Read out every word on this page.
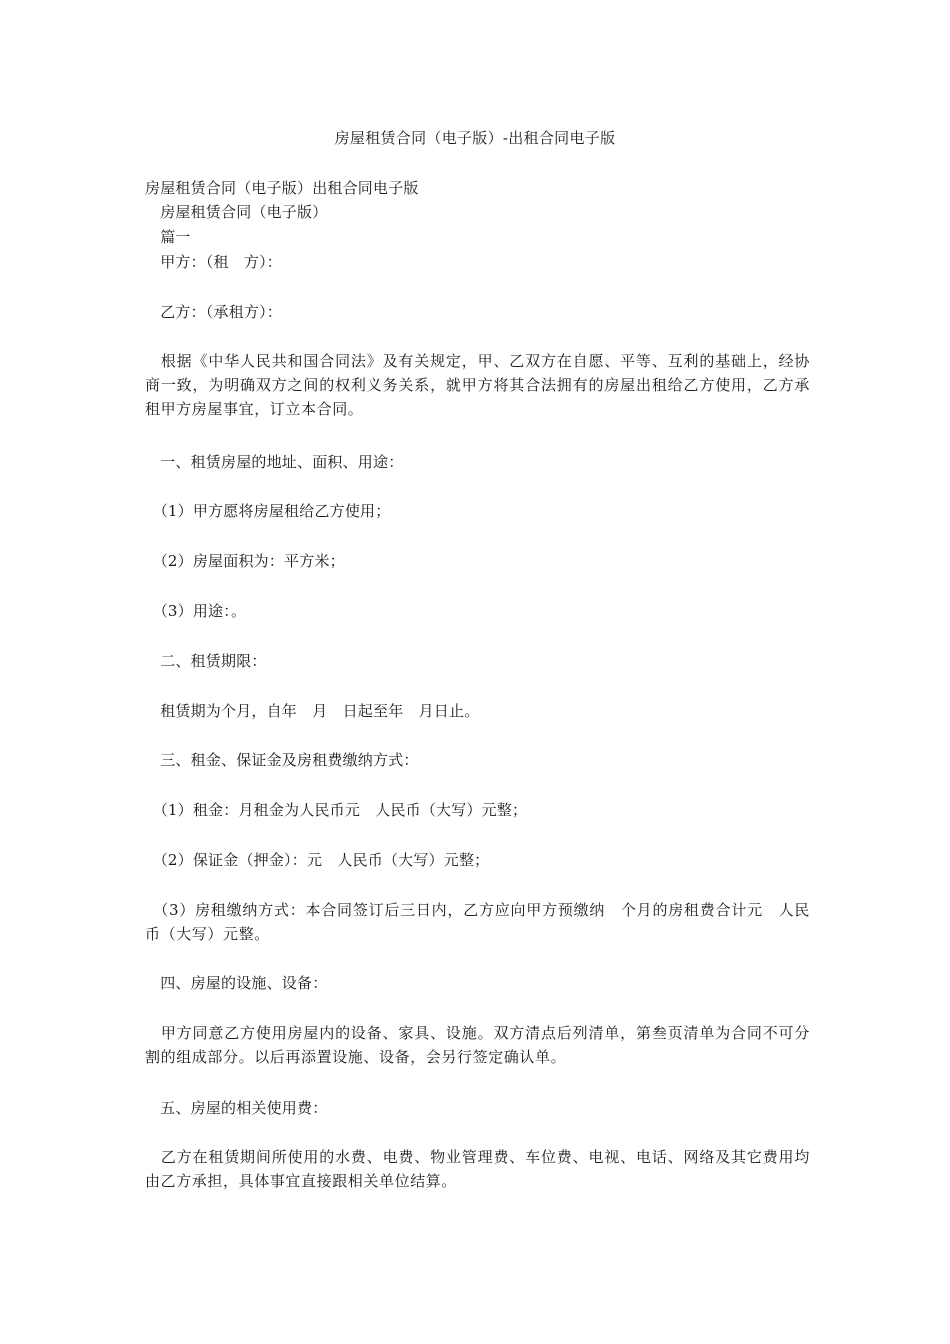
房屋租赁合同（电子版）-出租合同电子版
房屋租赁合同（电子版）出租合同电子版
　房屋租赁合同（电子版）
　篇一
　甲方：（租　方）：
　乙方：（承租方）：
　根据《中华人民共和国合同法》及有关规定，甲、乙双方在自愿、平等、互利的基础上，经协商一致，为明确双方之间的权利义务关系，就甲方将其合法拥有的房屋出租给乙方使用，乙方承租甲方房屋事宜，订立本合同。
　一、租赁房屋的地址、面积、用途：
　（1）甲方愿将房屋租给乙方使用；
　（2）房屋面积为：平方米；
　（3）用途：。
　二、租赁期限：
　租赁期为个月，自年　月　日起至年　月日止。
　三、租金、保证金及房租费缴纳方式：
　（1）租金：月租金为人民币元　人民币（大写）元整；
　（2）保证金（押金）：元　人民币（大写）元整；
　（3）房租缴纳方式：本合同签订后三日内，乙方应向甲方预缴纳　个月的房租费合计元　人民币（大写）元整。
　四、房屋的设施、设备：
　甲方同意乙方使用房屋内的设备、家具、设施。双方清点后列清单，第叁页清单为合同不可分割的组成部分。以后再添置设施、设备，会另行签定确认单。
　五、房屋的相关使用费：
　乙方在租赁期间所使用的水费、电费、物业管理费、车位费、电视、电话、网络及其它费用均由乙方承担，具体事宜直接跟相关单位结算。
